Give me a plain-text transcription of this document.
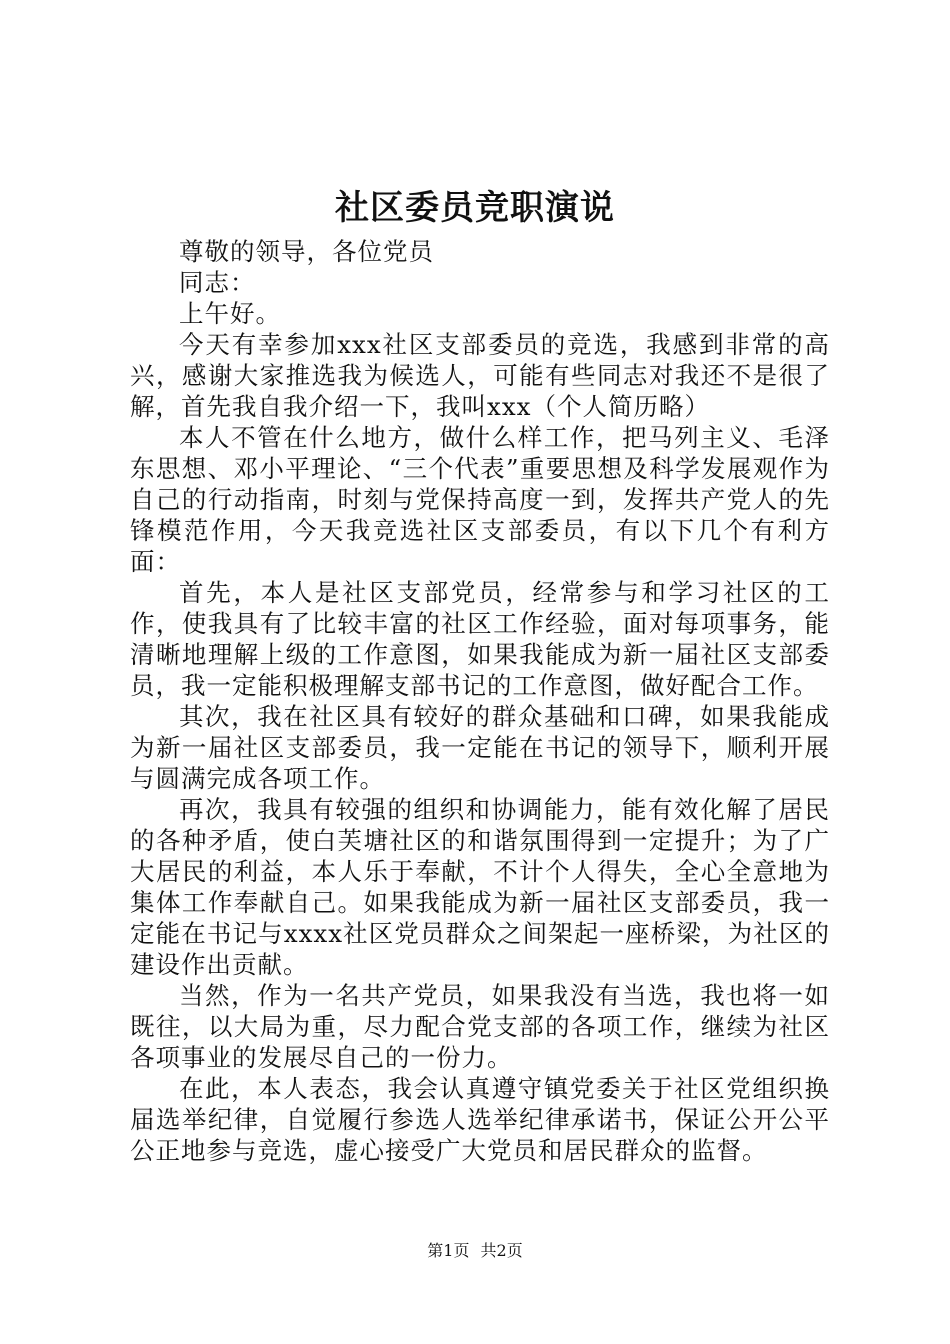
社区委员竞职演说

尊敬的领导，各位党员

同志：

上午好。

今天有幸参加xxx社区支部委员的竞选，我感到非常的高兴，感谢大家推选我为候选人，可能有些同志对我还不是很了解，首先我自我介绍一下，我叫xxx（个人简历略）

本人不管在什么地方，做什么样工作，把马列主义、毛泽东思想、邓小平理论、“三个代表”重要思想及科学发展观作为自己的行动指南，时刻与党保持高度一到，发挥共产党人的先锋模范作用，今天我竞选社区支部委员，有以下几个有利方面：

首先，本人是社区支部党员，经常参与和学习社区的工作，使我具有了比较丰富的社区工作经验，面对每项事务，能清晰地理解上级的工作意图，如果我能成为新一届社区支部委员，我一定能积极理解支部书记的工作意图，做好配合工作。

其次，我在社区具有较好的群众基础和口碑，如果我能成为新一届社区支部委员，我一定能在书记的领导下，顺利开展与圆满完成各项工作。

再次，我具有较强的组织和协调能力，能有效化解了居民的各种矛盾，使白芙塘社区的和谐氛围得到一定提升；为了广大居民的利益，本人乐于奉献，不计个人得失，全心全意地为集体工作奉献自己。如果我能成为新一届社区支部委员，我一定能在书记与xxxx社区党员群众之间架起一座桥梁，为社区的建设作出贡献。

当然，作为一名共产党员，如果我没有当选，我也将一如既往，以大局为重，尽力配合党支部的各项工作，继续为社区各项事业的发展尽自己的一份力。

在此，本人表态，我会认真遵守镇党委关于社区党组织换届选举纪律，自觉履行参选人选举纪律承诺书，保证公开公平公正地参与竞选，虚心接受广大党员和居民群众的监督。

第1页 共2页
